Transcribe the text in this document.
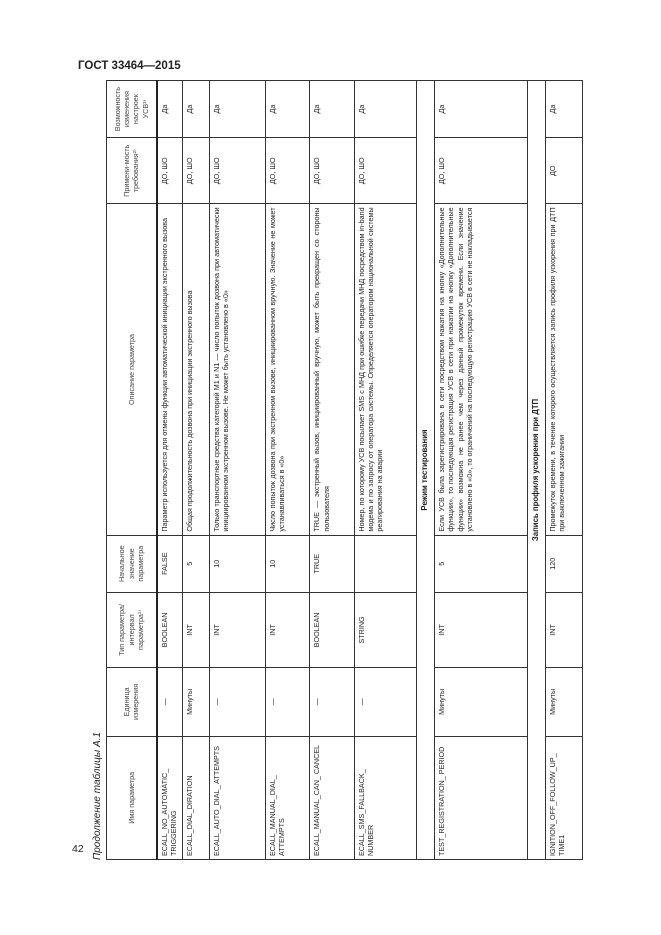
ГОСТ 33464—2015
42 Продолжение таблицы А.1	Имя параметра	Единица измерения	Тип параметра/ интервал параметра¹⁾	Начальное значение параметра	Описание параметра	Примени-мость требования²⁾	Возможность изменения настроек УСВ³⁾
ECALL_NO_AUTOMATIC_ TRIGGERING	—	BOOLEAN	FALSE	Параметр используется для отмены функции автоматической инициации экстренного вызова	ДО, ШО	Да
ECALL_DIAL_DIRATION	Минуты	INT	5	Общая продолжительность дозвона при инициации экстренного вызова	ДО, ШО	Да
ECALL_AUTO_DIAL_ ATTEMPTS	—	INT	10	Только транспортные средства категорий M1 и N1 — число попыток дозвона при автоматически инициированном экстренном вызове. Не может быть установлено в «0»	ДО, ШО	Да
ECALL_MANUAL_DIAL_ ATTEMPTS	—	INT	10	Число попыток дозвона при экстренном вызове, инициированном вручную. Значение не может устанавливаться в «0»	ДО, ШО	Да
ECALL_MANUAL_CAN_ CANCEL	—	BOOLEAN	TRUE	TRUE — экстренный вызов, инициированный вручную, может быть прекращен со стороны пользователя	ДО, ШО	Да
ECALL_SMS_FALLBACK_ NUMBER	—	STRING		Номер, по которому УСВ посылает SMS с МНД при ошибке передачи МНД посредством in-band модема и по запросу от оператора системы. Определяется оператором национальной системы реагирования на аварии	ДО, ШО	Да
Режим тестирования						
TEST_REGISTRATION_ PERIOD	Минуты	INT	5	Если УСВ была зарегистрирована в сети посредством нажатия на кнопку «Дополнительные функции», то последующая регистрация УСВ в сети при нажатии на кнопку «Дополнительные функции» возможна не ранее чем через данный промежуток времени. Если значение установлено в «0», то ограничений на последующую регистрацию УСВ в сети не накладывается	ДО, ШО	Да
Запись профиля ускорения при ДТП						
IGNITION_OFF_FOLLOW_UP_ TIME1	Минуты	INT	120	Промежуток времени, в течение которого осуществляется запись профиля ускорения при ДТП при выключенном зажигании	ДО	Да
